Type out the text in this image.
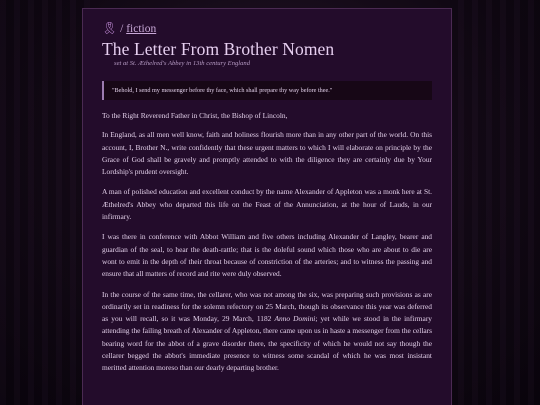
🎗 / fiction
The Letter From Brother Nomen
set at St. Æthelred's Abbey in 13th century England
"Behold, I send my messenger before thy face, which shall prepare thy way before thee."

To the Right Reverend Father in Christ, the Bishop of Lincoln,

In England, as all men well know, faith and holiness flourish more than in any other part of the world. On this account, I, Brother N., write confidently that these urgent matters to which I will elaborate on principle by the Grace of God shall be gravely and promptly attended to with the diligence they are certainly due by Your Lordship's prudent oversight.

A man of polished education and excellent conduct by the name Alexander of Appleton was a monk here at St. Æthelred's Abbey who departed this life on the Feast of the Annunciation, at the hour of Lauds, in our infirmary.

I was there in conference with Abbot William and five others including Alexander of Langley, bearer and guardian of the seal, to hear the death-rattle; that is the doleful sound which those who are about to die are wont to emit in the depth of their throat because of constriction of the arteries; and to witness the passing and ensure that all matters of record and rite were duly observed.

In the course of the same time, the cellarer, who was not among the six, was preparing such provisions as are ordinarily set in readiness for the solemn refectory on 25 March, though its observance this year was deferred as you will recall, so it was Monday, 29 March, 1182 Anno Domini; yet while we stood in the infirmary attending the failing breath of Alexander of Appleton, there came upon us in haste a messenger from the cellars bearing word for the abbot of a grave disorder there, the specificity of which he would not say though the cellarer begged the abbot's immediate presence to witness some scandal of which he was most insistant meritted attention moreso than our dearly departing brother.
